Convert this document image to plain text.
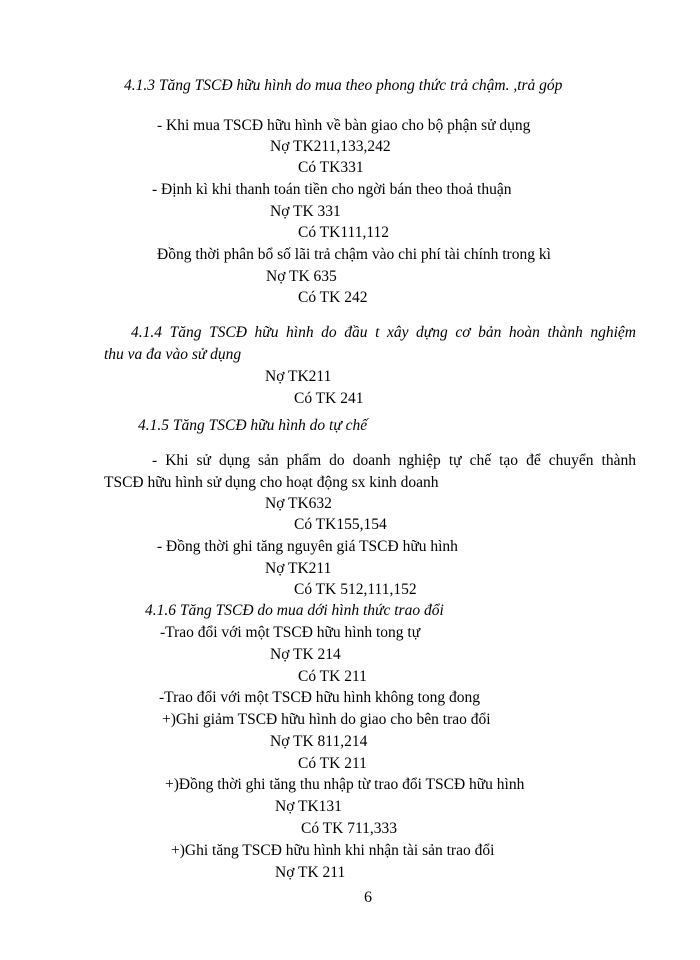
4.1.3 Tăng TSCĐ hữu hình do mua theo phong thức trả chậm. ,trả góp
- Khi mua TSCĐ hữu hình về bàn giao cho bộ phận sử dụng
Nợ TK211,133,242
Có TK331
- Định kì khi thanh toán tiền cho ngời bán theo thoả thuận
Nợ TK 331
Có TK111,112
Đồng thời phân bổ số lãi trả chậm vào chi phí tài chính trong kì
Nợ TK 635
Có TK 242
4.1.4 Tăng TSCĐ hữu hình do đầu t xây dựng cơ bản hoàn thành nghiệm
thu va đa vào sử dụng
Nợ TK211
Có TK 241
4.1.5 Tăng TSCĐ hữu hình do tự chế
- Khi sử dụng sản phẩm do doanh nghiệp tự chế tạo để chuyển thành
TSCĐ hữu hình sử dụng cho hoạt động sx kinh doanh
Nợ TK632
Có TK155,154
- Đồng thời ghi tăng nguyên giá TSCĐ hữu hình
Nợ TK211
Có TK 512,111,152
4.1.6 Tăng TSCĐ do mua dới hình thức trao đổi
-Trao đổi với một TSCĐ hữu hình tong tự
Nợ TK 214
Có TK 211
-Trao đổi với một TSCĐ hữu hình không tong đong
+)Ghi giảm TSCĐ hữu hình do giao cho bên trao đổi
Nợ TK 811,214
Có TK 211
+)Đồng thời ghi tăng thu nhập từ trao đổi TSCĐ hữu hình
Nợ TK131
Có TK 711,333
+)Ghi tăng TSCĐ hữu hình khi nhận tài sản trao đổi
Nợ TK 211
6
